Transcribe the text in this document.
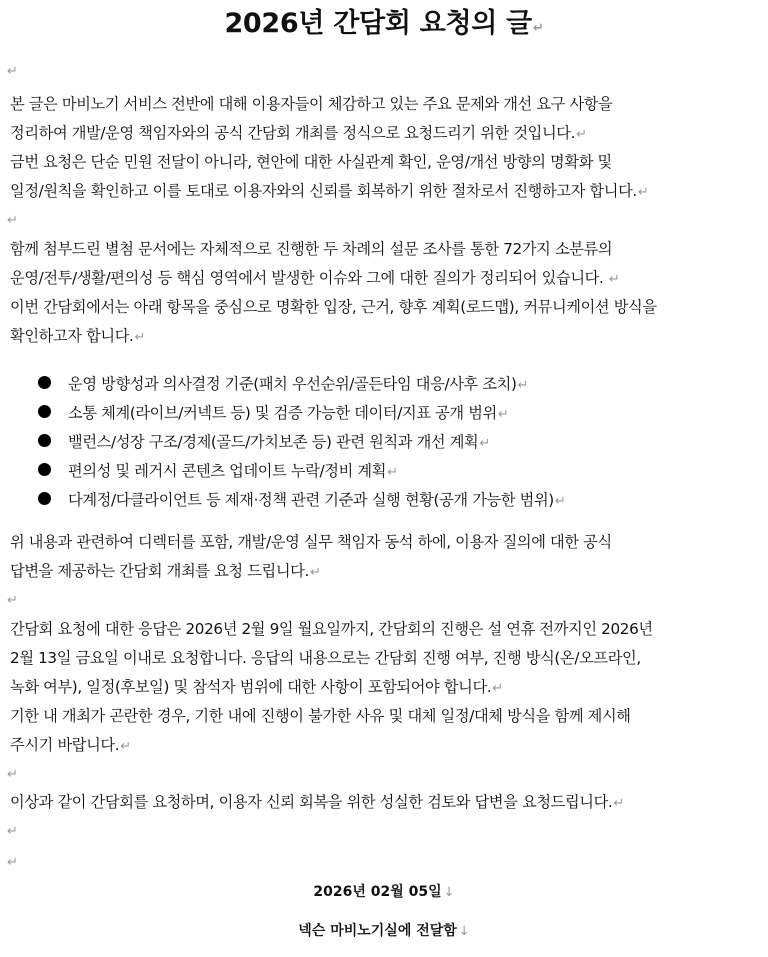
2026년 간담회 요청의 글↵
↵
본 글은 마비노기 서비스 전반에 대해 이용자들이 체감하고 있는 주요 문제와 개선 요구 사항을
정리하여 개발/운영 책임자와의 공식 간담회 개최를 정식으로 요청드리기 위한 것입니다.↵
금번 요청은 단순 민원 전달이 아니라, 현안에 대한 사실관계 확인, 운영/개선 방향의 명확화 및
일정/원칙을 확인하고 이를 토대로 이용자와의 신뢰를 회복하기 위한 절차로서 진행하고자 합니다.↵
↵
함께 첨부드린 별첨 문서에는 자체적으로 진행한 두 차례의 설문 조사를 통한 72가지 소분류의
운영/전투/생활/편의성 등 핵심 영역에서 발생한 이슈와 그에 대한 질의가 정리되어 있습니다. ↵
이번 간담회에서는 아래 항목을 중심으로 명확한 입장, 근거, 향후 계획(로드맵), 커뮤니케이션 방식을
확인하고자 합니다.↵
운영 방향성과 의사결정 기준(패치 우선순위/골든타임 대응/사후 조치)↵
소통 체계(라이브/커넥트 등) 및 검증 가능한 데이터/지표 공개 범위↵
밸런스/성장 구조/경제(골드/가치보존 등) 관련 원칙과 개선 계획↵
편의성 및 레거시 콘텐츠 업데이트 누락/정비 계획↵
다계정/다클라이언트 등 제재·정책 관련 기준과 실행 현황(공개 가능한 범위)↵
위 내용과 관련하여 디렉터를 포함, 개발/운영 실무 책임자 동석 하에, 이용자 질의에 대한 공식
답변을 제공하는 간담회 개최를 요청 드립니다.↵
↵
간담회 요청에 대한 응답은 2026년 2월 9일 월요일까지, 간담회의 진행은 설 연휴 전까지인 2026년
2월 13일 금요일 이내로 요청합니다. 응답의 내용으로는 간담회 진행 여부, 진행 방식(온/오프라인,
녹화 여부), 일정(후보일) 및 참석자 범위에 대한 사항이 포함되어야 합니다.↵
기한 내 개최가 곤란한 경우, 기한 내에 진행이 불가한 사유 및 대체 일정/대체 방식을 함께 제시해
주시기 바랍니다.↵
↵
이상과 같이 간담회를 요청하며, 이용자 신뢰 회복을 위한 성실한 검토와 답변을 요청드립니다.↵
↵
↵
2026년 02월 05일 ↓
넥슨 마비노기실에 전달함 ↓
